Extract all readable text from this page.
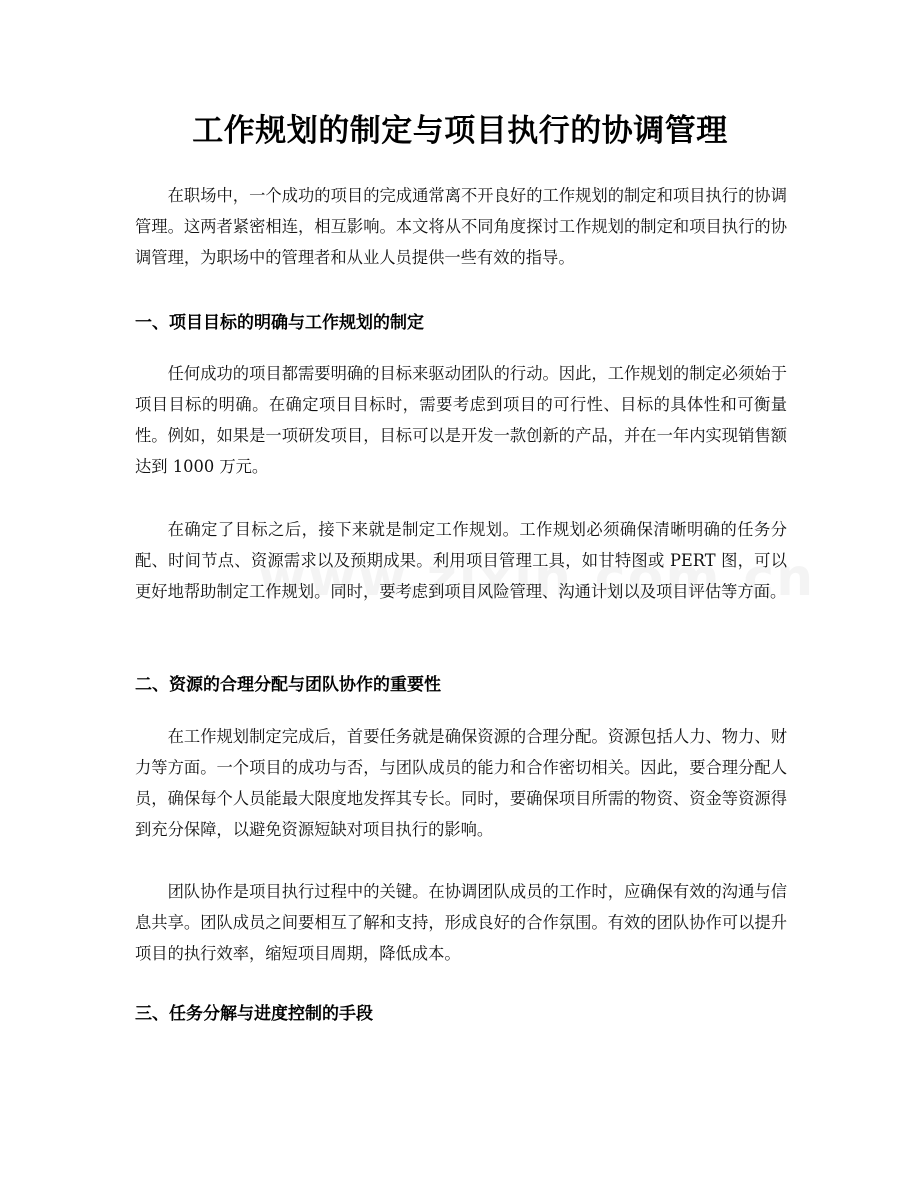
工作规划的制定与项目执行的协调管理

在职场中，一个成功的项目的完成通常离不开良好的工作规划的制定和项目执行的协调管理。这两者紧密相连，相互影响。本文将从不同角度探讨工作规划的制定和项目执行的协调管理，为职场中的管理者和从业人员提供一些有效的指导。

一、项目目标的明确与工作规划的制定

任何成功的项目都需要明确的目标来驱动团队的行动。因此，工作规划的制定必须始于项目目标的明确。在确定项目目标时，需要考虑到项目的可行性、目标的具体性和可衡量性。例如，如果是一项研发项目，目标可以是开发一款创新的产品，并在一年内实现销售额达到 1000 万元。

在确定了目标之后，接下来就是制定工作规划。工作规划必须确保清晰明确的任务分配、时间节点、资源需求以及预期成果。利用项目管理工具，如甘特图或 PERT 图，可以更好地帮助制定工作规划。同时，要考虑到项目风险管理、沟通计划以及项目评估等方面。

二、资源的合理分配与团队协作的重要性

在工作规划制定完成后，首要任务就是确保资源的合理分配。资源包括人力、物力、财力等方面。一个项目的成功与否，与团队成员的能力和合作密切相关。因此，要合理分配人员，确保每个人员能最大限度地发挥其专长。同时，要确保项目所需的物资、资金等资源得到充分保障，以避免资源短缺对项目执行的影响。

团队协作是项目执行过程中的关键。在协调团队成员的工作时，应确保有效的沟通与信息共享。团队成员之间要相互了解和支持，形成良好的合作氛围。有效的团队协作可以提升项目的执行效率，缩短项目周期，降低成本。

三、任务分解与进度控制的手段
